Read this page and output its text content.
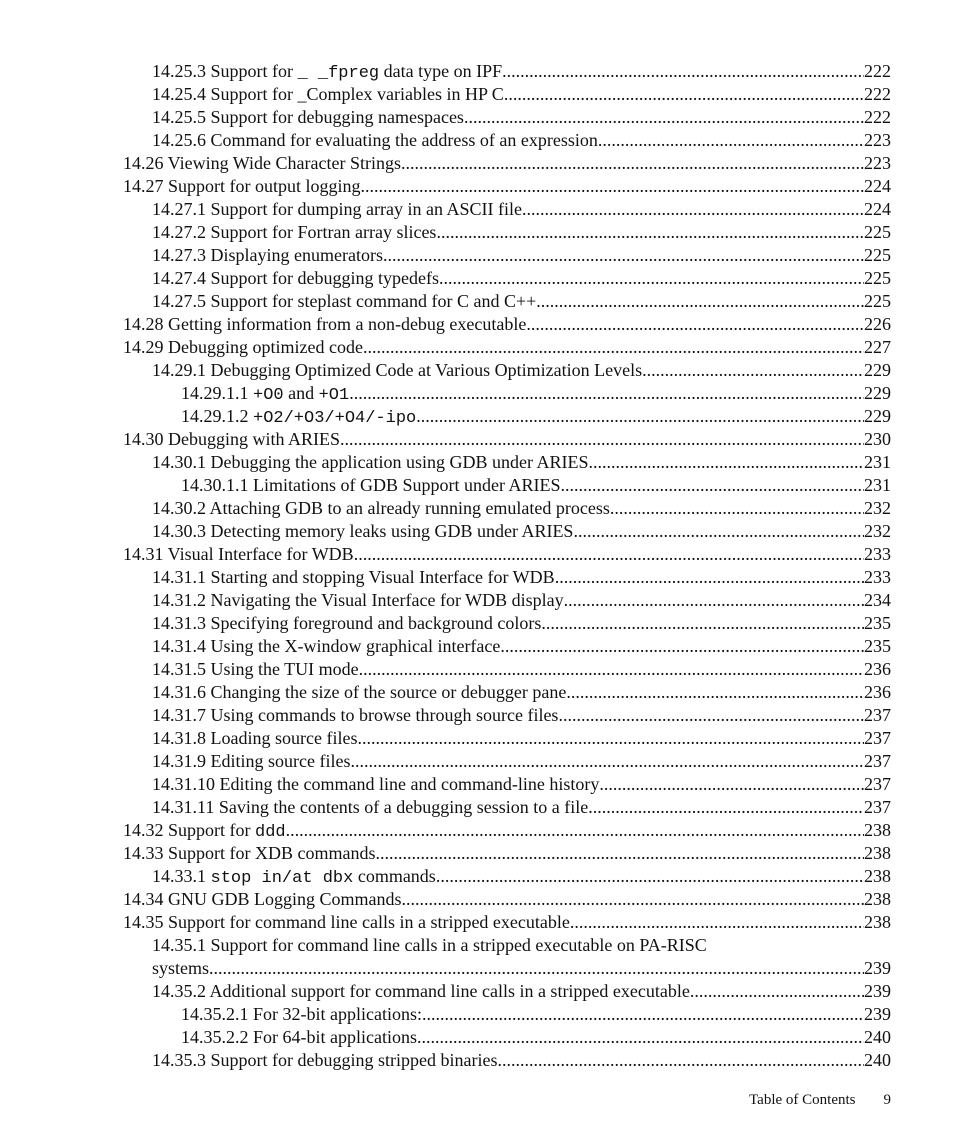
14.25.3 Support for _ _fpreg data type on IPF .....	222
14.25.4 Support for _Complex variables in HP C .....	222
14.25.5 Support for debugging namespaces .....	222
14.25.6 Command for evaluating the address of an expression .....	223
14.26 Viewing Wide Character Strings .....	223
14.27 Support for output logging .....	224
14.27.1 Support for dumping array in an ASCII file .....	224
14.27.2 Support for Fortran array slices .....	225
14.27.3 Displaying enumerators .....	225
14.27.4 Support for debugging typedefs .....	225
14.27.5 Support for steplast command for C and C++ .....	225
14.28 Getting information from a non-debug executable .....	226
14.29 Debugging optimized code .....	227
14.29.1 Debugging Optimized Code at Various Optimization Levels .....	229
14.29.1.1 +O0 and +O1 .....	229
14.29.1.2 +O2/+O3/+O4/-ipo .....	229
14.30 Debugging with ARIES .....	230
14.30.1 Debugging the application using GDB under ARIES .....	231
14.30.1.1 Limitations of GDB Support under ARIES .....	231
14.30.2 Attaching GDB to an already running emulated process .....	232
14.30.3 Detecting memory leaks using GDB under ARIES .....	232
14.31 Visual Interface for WDB .....	233
14.31.1 Starting and stopping Visual Interface for WDB .....	233
14.31.2 Navigating the Visual Interface for WDB display .....	234
14.31.3 Specifying foreground and background colors .....	235
14.31.4 Using the X-window graphical interface .....	235
14.31.5 Using the TUI mode .....	236
14.31.6 Changing the size of the source or debugger pane .....	236
14.31.7 Using commands to browse through source files .....	237
14.31.8 Loading source files .....	237
14.31.9 Editing source files .....	237
14.31.10 Editing the command line and command-line history .....	237
14.31.11 Saving the contents of a debugging session to a file .....	237
14.32 Support for ddd .....	238
14.33 Support for XDB commands .....	238
14.33.1 stop in/at dbx commands .....	238
14.34 GNU GDB Logging Commands .....	238
14.35 Support for command line calls in a stripped executable .....	238
14.35.1 Support for command line calls in a stripped executable on PA-RISC
systems .....	239
14.35.2 Additional support for command line calls in a stripped executable .....	239
14.35.2.1 For 32-bit applications: .....	239
14.35.2.2 For 64-bit applications .....	240
14.35.3 Support for debugging stripped binaries .....	240
Table of Contents 9
